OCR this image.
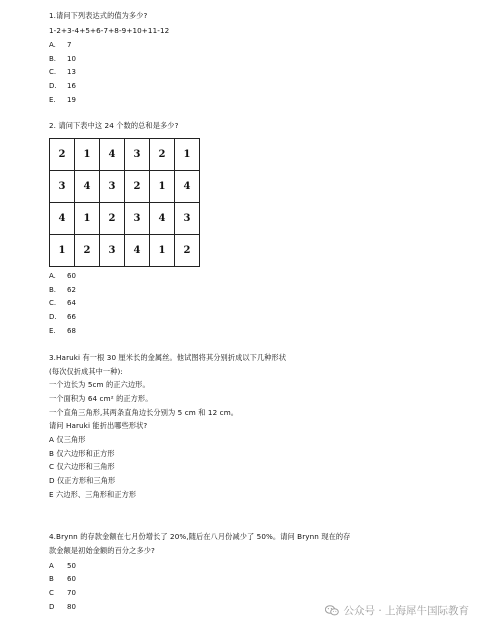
1.请问下列表达式的值为多少?
1-2+3-4+5+6-7+8-9+10+11-12
A. 7
B. 10
C. 13
D. 16
E. 19
2. 请问下表中这 24 个数的总和是多少?
2	1	4	3	2	1
3	4	3	2	1	4
4	1	2	3	4	3
1	2	3	4	1	2
A. 60
B. 62
C. 64
D. 66
E. 68
3.Haruki 有一根 30 厘米长的金属丝。他试图将其分别折成以下几种形状
(每次仅折成其中一种):
一个边长为 5cm 的正六边形。
一个面积为 64 cm² 的正方形。
一个直角三角形,其两条直角边长分别为 5 cm 和 12 cm。
请问 Haruki 能折出哪些形状?
A 仅三角形
B 仅六边形和正方形
C 仅六边形和三角形
D 仅正方形和三角形
E 六边形、三角形和正方形
4.Brynn 的存款金额在七月份增长了 20%,随后在八月份减少了 50%。请问 Brynn 现在的存
款金额是初始金额的百分之多少?
A 50
B 60
C 70
D 80	公众号 · 上海犀牛国际教育
